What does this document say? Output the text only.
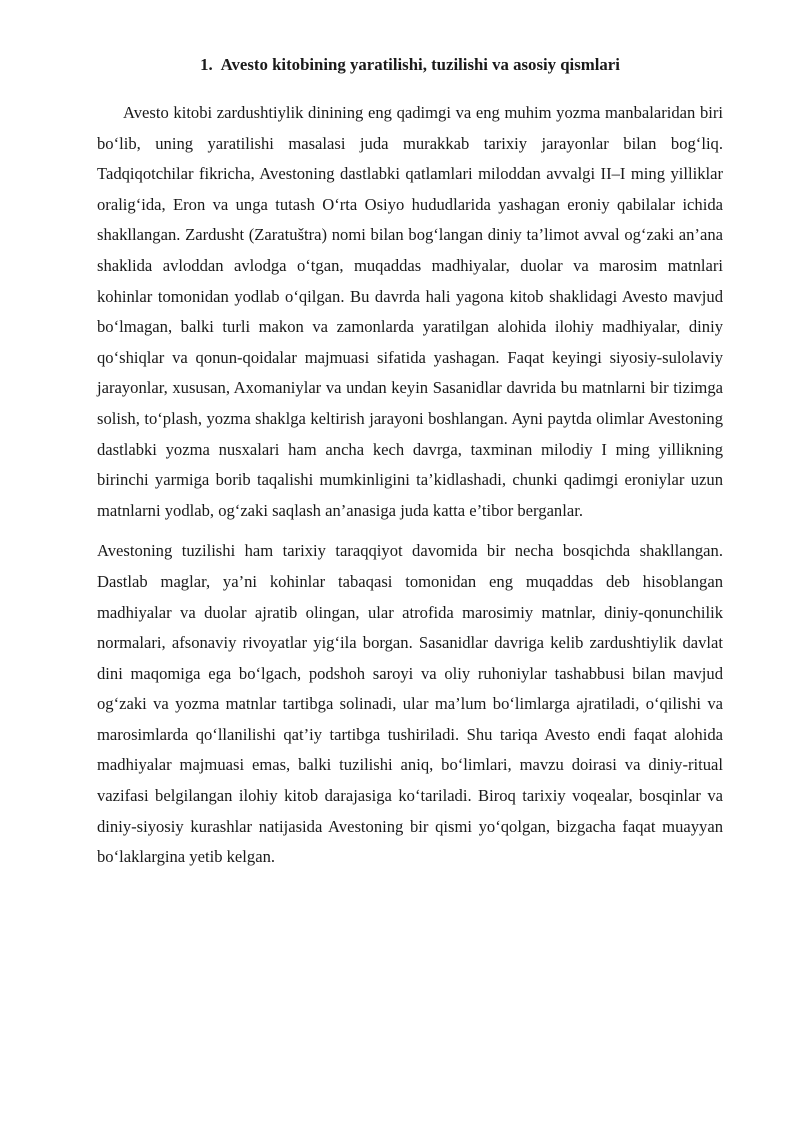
1. Avesto kitobining yaratilishi, tuzilishi va asosiy qismlari

Avesto kitobi zardushtiylik dinining eng qadimgi va eng muhim yozma manbalaridan biri bo‘lib, uning yaratilishi masalasi juda murakkab tarixiy jarayonlar bilan bog‘liq. Tadqiqotchilar fikricha, Avestoning dastlabki qatlamlari miloddan avvalgi II–I ming yilliklar oralig‘ida, Eron va unga tutash O‘rta Osiyo hududlarida yashagan eroniy qabilalar ichida shakllangan. Zardusht (Zaratuštra) nomi bilan bog‘langan diniy ta’limot avval og‘zaki an’ana shaklida avloddan avlodga o‘tgan, muqaddas madhiyalar, duolar va marosim matnlari kohinlar tomonidan yodlab o‘qilgan. Bu davrda hali yagona kitob shaklidagi Avesto mavjud bo‘lmagan, balki turli makon va zamonlarda yaratilgan alohida ilohiy madhiyalar, diniy qo‘shiqlar va qonun-qoidalar majmuasi sifatida yashagan. Faqat keyingi siyosiy-sulolaviy jarayonlar, xususan, Axomaniylar va undan keyin Sasanidlar davrida bu matnlarni bir tizimga solish, to‘plash, yozma shaklga keltirish jarayoni boshlangan. Ayni paytda olimlar Avestoning dastlabki yozma nusxalari ham ancha kech davrga, taxminan milodiy I ming yillikning birinchi yarmiga borib taqalishi mumkinligini ta’kidlashadi, chunki qadimgi eroniylar uzun matnlarni yodlab, og‘zaki saqlash an’anasiga juda katta e’tibor berganlar.

Avestoning tuzilishi ham tarixiy taraqqiyot davomida bir necha bosqichda shakllangan. Dastlab maglar, ya’ni kohinlar tabaqasi tomonidan eng muqaddas deb hisoblangan madhiyalar va duolar ajratib olingan, ular atrofida marosimiy matnlar, diniy-qonunchilik normalari, afsonaviy rivoyatlar yig‘ila borgan. Sasanidlar davriga kelib zardushtiylik davlat dini maqomiga ega bo‘lgach, podshoh saroyi va oliy ruhoniylar tashabbusi bilan mavjud og‘zaki va yozma matnlar tartibga solinadi, ular ma’lum bo‘limlarga ajratiladi, o‘qilishi va marosimlarda qo‘llanilishi qat’iy tartibga tushiriladi. Shu tariqa Avesto endi faqat alohida madhiyalar majmuasi emas, balki tuzilishi aniq, bo‘limlari, mavzu doirasi va diniy-ritual vazifasi belgilangan ilohiy kitob darajasiga ko‘tariladi. Biroq tarixiy voqealar, bosqinlar va diniy-siyosiy kurashlar natijasida Avestoning bir qismi yo‘qolgan, bizgacha faqat muayyan bo‘laklargina yetib kelgan.
